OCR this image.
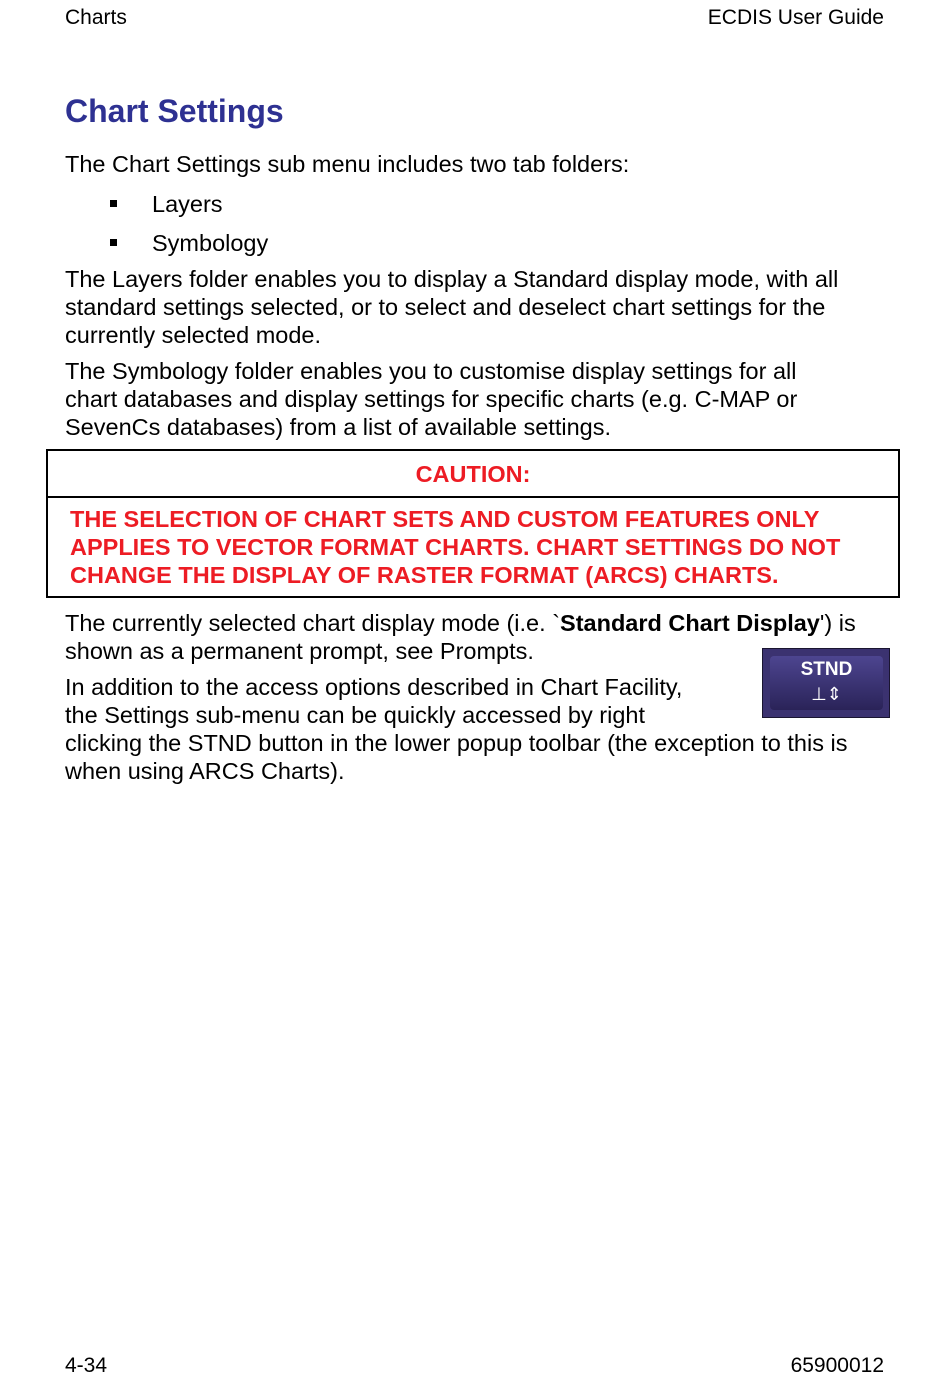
Charts	ECDIS User Guide
Chart Settings

The Chart Settings sub menu includes two tab folders:

Layers
Symbology

The Layers folder enables you to display a Standard display mode, with all standard settings selected, or to select and deselect chart settings for the currently selected mode.

The Symbology folder enables you to customise display settings for all chart databases and display settings for specific charts (e.g. C-MAP or SevenCs databases) from a list of available settings.

CAUTION:
THE SELECTION OF CHART SETS AND CUSTOM FEATURES ONLY APPLIES TO VECTOR FORMAT CHARTS. CHART SETTINGS DO NOT CHANGE THE DISPLAY OF RASTER FORMAT (ARCS) CHARTS.

The currently selected chart display mode (i.e. `Standard Chart Display') is shown as a permanent prompt, see Prompts.

In addition to the access options described in Chart Facility,
the Settings sub-menu can be quickly accessed by right
clicking the STND button in the lower popup toolbar (the exception to this is when using ARCS Charts).
STND
⊥⇕
4-34	65900012
